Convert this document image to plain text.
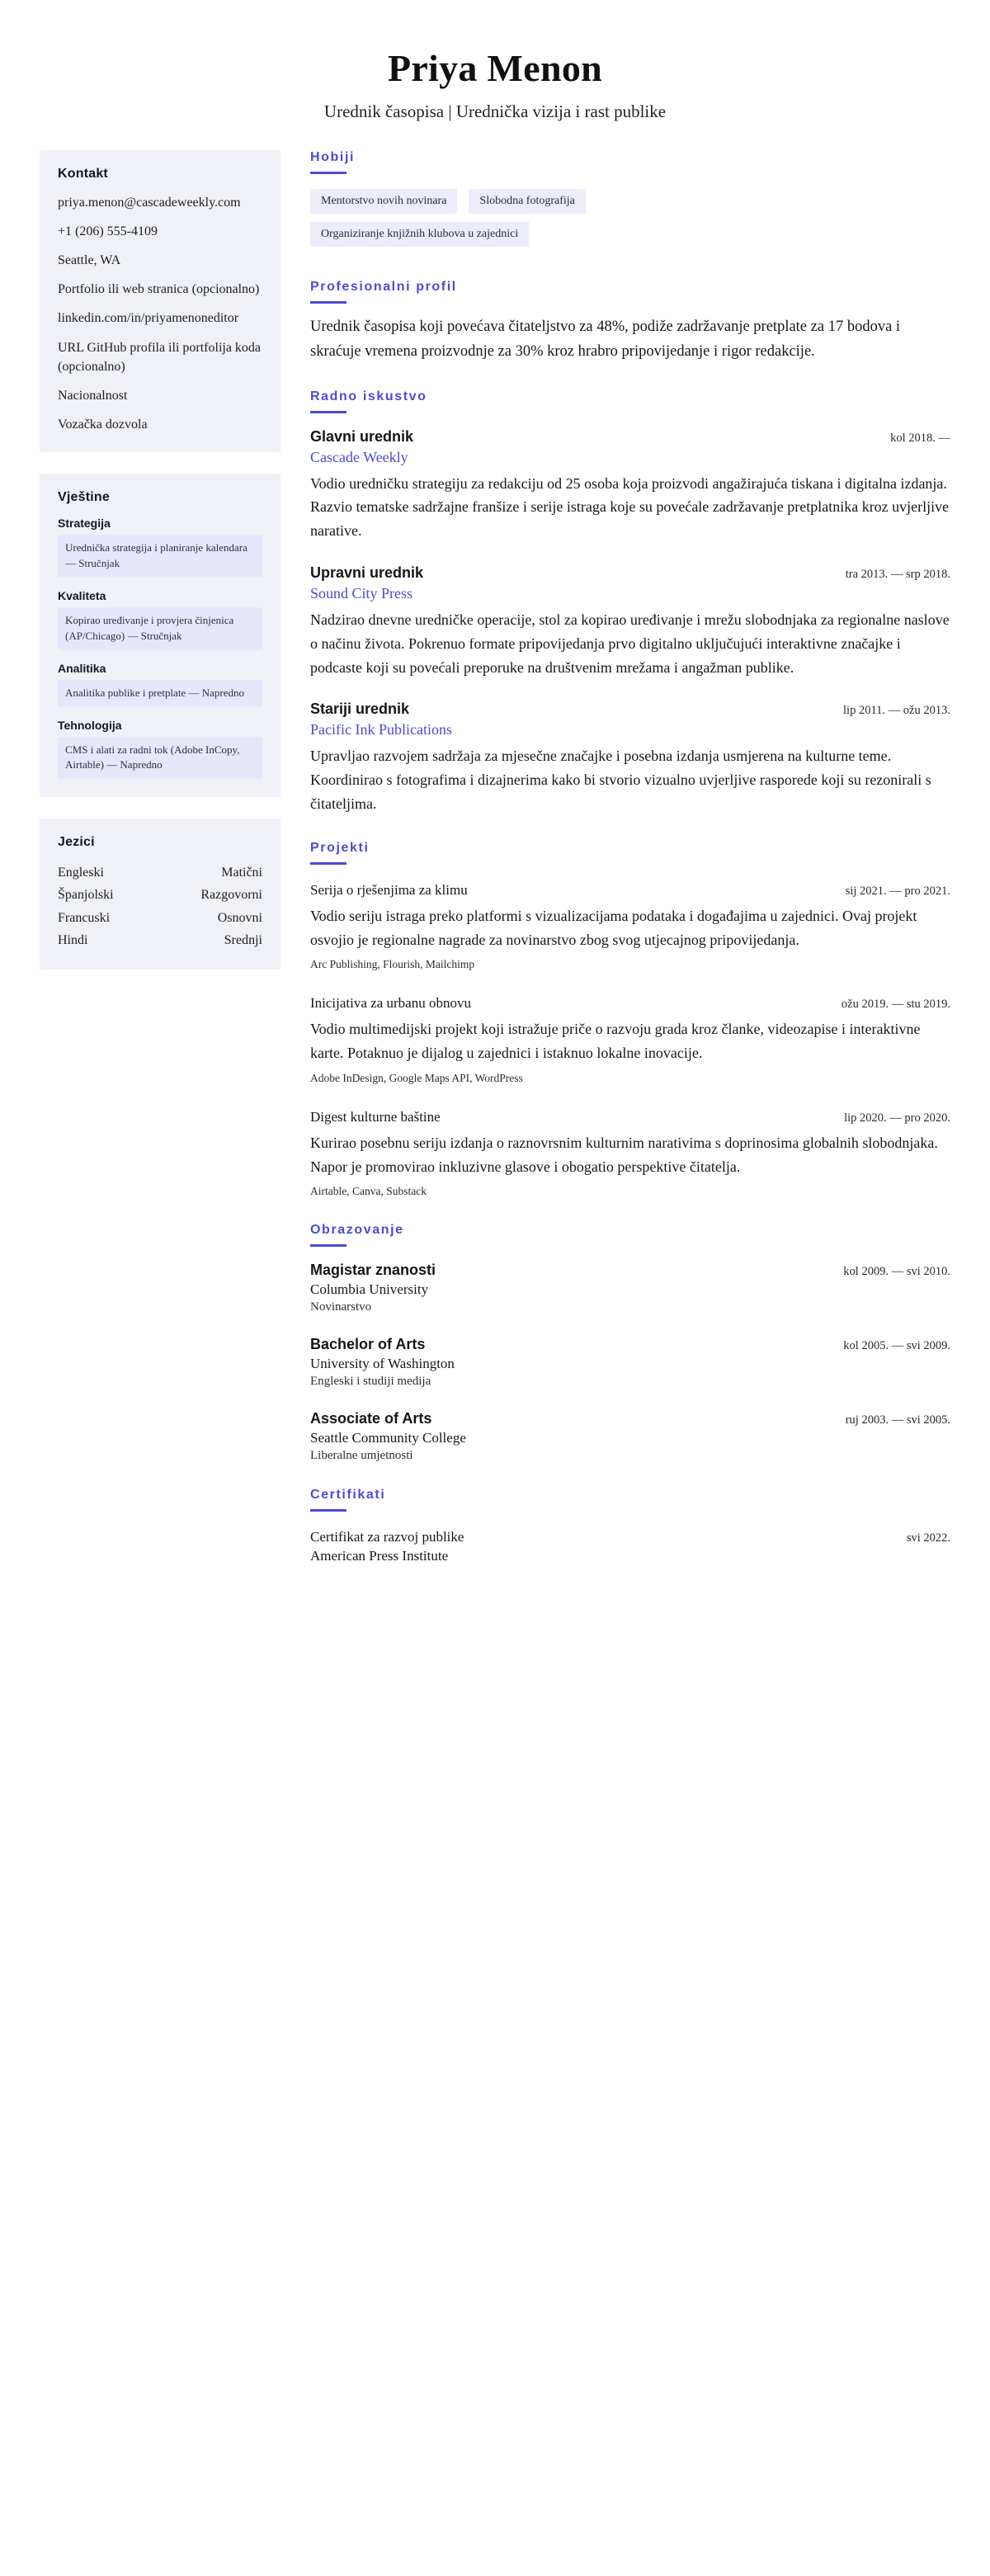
Priya Menon
Urednik časopisa | Urednička vizija i rast publike
Kontakt
priya.menon@cascadeweekly.com
+1 (206) 555-4109
Seattle, WA
Portfolio ili web stranica (opcionalno)
linkedin.com/in/priyamenoneditor
URL GitHub profila ili portfolija koda (opcionalno)
Nacionalnost
Vozačka dozvola
Vještine
Strategija
Urednička strategija i planiranje kalendara — Stručnjak
Kvaliteta
Kopirao uređivanje i provjera činjenica (AP/Chicago) — Stručnjak
Analitika
Analitika publike i pretplate — Napredno
Tehnologija
CMS i alati za radni tok (Adobe InCopy, Airtable) — Napredno
Jezici
Engleski	Matični
Španjolski	Razgovorni
Francuski	Osnovni
Hindi	Srednji
Hobiji
Mentorstvo novih novinara	Slobodna fotografija
Organiziranje knjižnih klubova u zajednici
Profesionalni profil
Urednik časopisa koji povećava čitateljstvo za 48%, podiže zadržavanje pretplate za 17 bodova i skraćuje vremena proizvodnje za 30% kroz hrabro pripovijedanje i rigor redakcije.
Radno iskustvo
Glavni urednik	kol 2018. —
Cascade Weekly
Vodio uredničku strategiju za redakciju od 25 osoba koja proizvodi angažirajuća tiskana i digitalna izdanja. Razvio tematske sadržajne franšize i serije istraga koje su povećale zadržavanje pretplatnika kroz uvjerljive narative.
Upravni urednik	tra 2013. — srp 2018.
Sound City Press
Nadzirao dnevne uredničke operacije, stol za kopirao uređivanje i mrežu slobodnjaka za regionalne naslove o načinu života. Pokrenuo formate pripovijedanja prvo digitalno uključujući interaktivne značajke i podcaste koji su povećali preporuke na društvenim mrežama i angažman publike.
Stariji urednik	lip 2011. — ožu 2013.
Pacific Ink Publications
Upravljao razvojem sadržaja za mjesečne značajke i posebna izdanja usmjerena na kulturne teme. Koordinirao s fotografima i dizajnerima kako bi stvorio vizualno uvjerljive rasporede koji su rezonirali s čitateljima.
Projekti
Serija o rješenjima za klimu	sij 2021. — pro 2021.
Vodio seriju istraga preko platformi s vizualizacijama podataka i događajima u zajednici. Ovaj projekt osvojio je regionalne nagrade za novinarstvo zbog svog utjecajnog pripovijedanja.
Arc Publishing, Flourish, Mailchimp
Inicijativa za urbanu obnovu	ožu 2019. — stu 2019.
Vodio multimedijski projekt koji istražuje priče o razvoju grada kroz članke, videozapise i interaktivne karte. Potaknuo je dijalog u zajednici i istaknuo lokalne inovacije.
Adobe InDesign, Google Maps API, WordPress
Digest kulturne baštine	lip 2020. — pro 2020.
Kurirao posebnu seriju izdanja o raznovrsnim kulturnim narativima s doprinosima globalnih slobodnjaka. Napor je promovirao inkluzivne glasove i obogatio perspektive čitatelja.
Airtable, Canva, Substack
Obrazovanje
Magistar znanosti	kol 2009. — svi 2010.
Columbia University
Novinarstvo
Bachelor of Arts	kol 2005. — svi 2009.
University of Washington
Engleski i studiji medija
Associate of Arts	ruj 2003. — svi 2005.
Seattle Community College
Liberalne umjetnosti
Certifikati
Certifikat za razvoj publike	svi 2022.
American Press Institute
